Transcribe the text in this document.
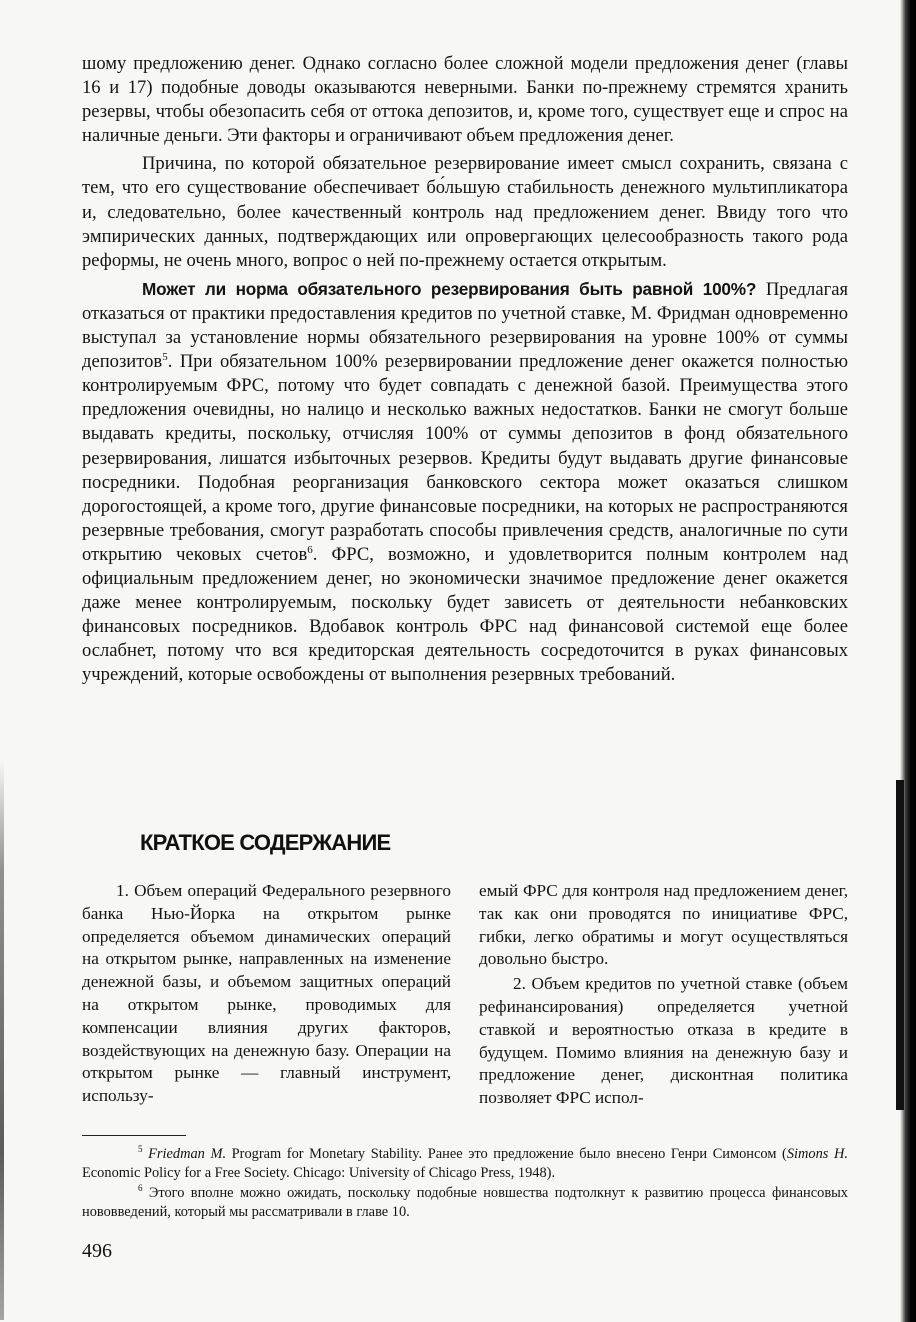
шому предложению денег. Однако согласно более сложной модели предложения денег (главы 16 и 17) подобные доводы оказываются неверными. Банки по-прежнему стремятся хранить резервы, чтобы обезопасить себя от оттока депозитов, и, кроме того, существует еще и спрос на наличные деньги. Эти факторы и ограничивают объем предложения денег.

Причина, по которой обязательное резервирование имеет смысл сохранить, связана с тем, что его существование обеспечивает бо́льшую стабильность денежного мультипликатора и, следовательно, более качественный контроль над предложением денег. Ввиду того что эмпирических данных, подтверждающих или опровергающих целесообразность такого рода реформы, не очень много, вопрос о ней по-прежнему остается открытым.

Может ли норма обязательного резервирования быть равной 100%? Предлагая отказаться от практики предоставления кредитов по учетной ставке, М. Фридман одновременно выступал за установление нормы обязательного резервирования на уровне 100% от суммы депозитов$^5$. При обязательном 100% резервировании предложение денег окажется полностью контролируемым ФРС, потому что будет совпадать с денежной базой. Преимущества этого предложения очевидны, но налицо и несколько важных недостатков. Банки не смогут больше выдавать кредиты, поскольку, отчисляя 100% от суммы депозитов в фонд обязательного резервирования, лишатся избыточных резервов. Кредиты будут выдавать другие финансовые посредники. Подобная реорганизация банковского сектора может оказаться слишком дорогостоящей, а кроме того, другие финансовые посредники, на которых не распространяются резервные требования, смогут разработать способы привлечения средств, аналогичные по сути открытию чековых счетов$^6$. ФРС, возможно, и удовлетворится полным контролем над официальным предложением денег, но экономически значимое предложение денег окажется даже менее контролируемым, поскольку будет зависеть от деятельности небанковских финансовых посредников. Вдобавок контроль ФРС над финансовой системой еще более ослабнет, потому что вся кредиторская деятельность сосредоточится в руках финансовых учреждений, которые освобождены от выполнения резервных требований.

КРАТКОЕ СОДЕРЖАНИЕ

1. Объем операций Федерального резервного банка Нью-Йорка на открытом рынке определяется объемом динамических операций на открытом рынке, направленных на изменение денежной базы, и объемом защитных операций на открытом рынке, проводимых для компенсации влияния других факторов, воздействующих на денежную базу. Операции на открытом рынке — главный инструмент, использу-

емый ФРС для контроля над предложением денег, так как они проводятся по инициативе ФРС, гибки, легко обратимы и могут осуществляться довольно быстро.

2. Объем кредитов по учетной ставке (объем рефинансирования) определяется учетной ставкой и вероятностью отказа в кредите в будущем. Помимо влияния на денежную базу и предложение денег, дисконтная политика позволяет ФРС испол-

$^5$ Friedman M. Program for Monetary Stability. Ранее это предложение было внесено Генри Симонсом (Simons H. Economic Policy for a Free Society. Chicago: University of Chicago Press, 1948).

$^6$ Этого вполне можно ожидать, поскольку подобные новшества подтолкнут к развитию процесса финансовых нововведений, который мы рассматривали в главе 10.

496
